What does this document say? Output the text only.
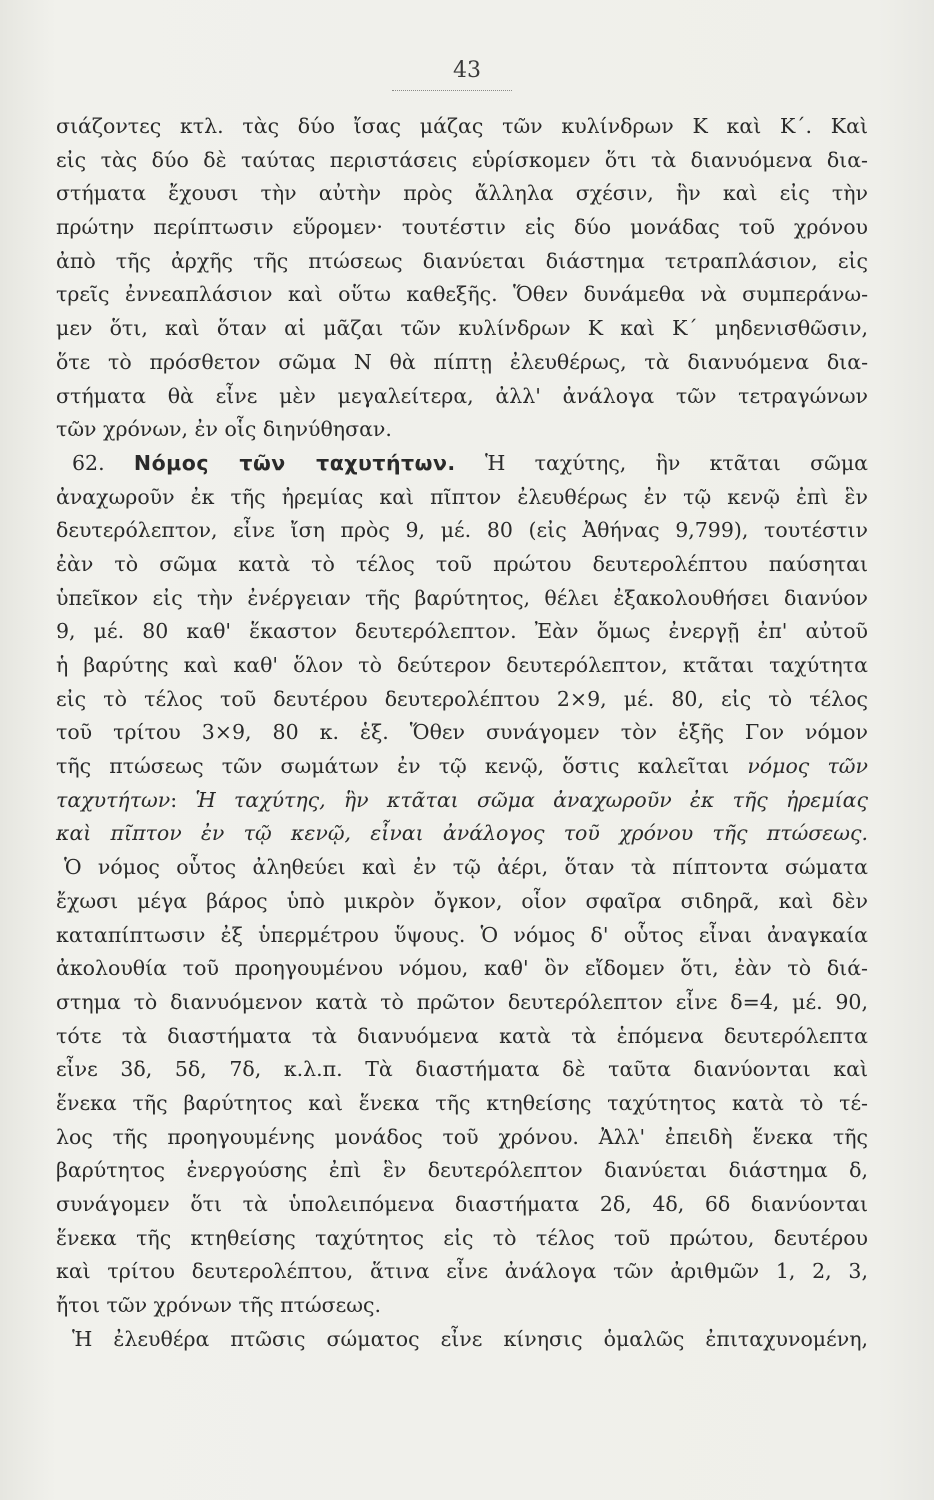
43
σιάζοντες κτλ. τὰς δύο ἴσας μάζας τῶν κυλίνδρων Κ καὶ Κ΄. Καὶ
εἰς τὰς δύο δὲ ταύτας περιστάσεις εὑρίσκομεν ὅτι τὰ διανυόμενα δια-
στήματα ἔχουσι τὴν αὐτὴν πρὸς ἄλληλα σχέσιν, ἣν καὶ εἰς τὴν
πρώτην περίπτωσιν εὕρομεν· τουτέστιν εἰς δύο μονάδας τοῦ χρόνου
ἀπὸ τῆς ἀρχῆς τῆς πτώσεως διανύεται διάστημα τετραπλάσιον, εἰς
τρεῖς ἐννεαπλάσιον καὶ οὕτω καθεξῆς. Ὅθεν δυνάμεθα νὰ συμπεράνω-
μεν ὅτι, καὶ ὅταν αἱ μᾶζαι τῶν κυλίνδρων Κ καὶ Κ΄ μηδενισθῶσιν,
ὅτε τὸ πρόσθετον σῶμα Ν θὰ πίπτῃ ἐλευθέρως, τὰ διανυόμενα δια-
στήματα θὰ εἶνε μὲν μεγαλείτερα, ἀλλ' ἀνάλογα τῶν τετραγώνων
τῶν χρόνων, ἐν οἷς διηνύθησαν.
62. Νόμος τῶν ταχυτήτων. Ἡ ταχύτης, ἣν κτᾶται σῶμα
ἀναχωροῦν ἐκ τῆς ἠρεμίας καὶ πῖπτον ἐλευθέρως ἐν τῷ κενῷ ἐπὶ ἓν
δευτερόλεπτον, εἶνε ἴση πρὸς 9, μέ. 80 (εἰς Ἀθήνας 9,799), τουτέστιν
ἐὰν τὸ σῶμα κατὰ τὸ τέλος τοῦ πρώτου δευτερολέπτου παύσηται
ὑπεῖκον εἰς τὴν ἐνέργειαν τῆς βαρύτητος, θέλει ἐξακολουθήσει διανύον
9, μέ. 80 καθ' ἕκαστον δευτερόλεπτον. Ἐὰν ὅμως ἐνεργῇ ἐπ' αὐτοῦ
ἡ βαρύτης καὶ καθ' ὅλον τὸ δεύτερον δευτερόλεπτον, κτᾶται ταχύτητα
εἰς τὸ τέλος τοῦ δευτέρου δευτερολέπτου 2×9, μέ. 80, εἰς τὸ τέλος
τοῦ τρίτου 3×9, 80 κ. ἑξ. Ὅθεν συνάγομεν τὸν ἑξῆς Γον νόμον
τῆς πτώσεως τῶν σωμάτων ἐν τῷ κενῷ, ὅστις καλεῖται νόμος τῶν
ταχυτήτων: Ἡ ταχύτης, ἣν κτᾶται σῶμα ἀναχωροῦν ἐκ τῆς ἠρεμίας
καὶ πῖπτον ἐν τῷ κενῷ, εἶναι ἀνάλογος τοῦ χρόνου τῆς πτώσεως.
Ὁ νόμος οὗτος ἀληθεύει καὶ ἐν τῷ ἀέρι, ὅταν τὰ πίπτοντα σώματα
ἔχωσι μέγα βάρος ὑπὸ μικρὸν ὄγκον, οἷον σφαῖρα σιδηρᾶ, καὶ δὲν
καταπίπτωσιν ἐξ ὑπερμέτρου ὕψους. Ὁ νόμος δ' οὗτος εἶναι ἀναγκαία
ἀκολουθία τοῦ προηγουμένου νόμου, καθ' ὃν εἴδομεν ὅτι, ἐὰν τὸ διά-
στημα τὸ διανυόμενον κατὰ τὸ πρῶτον δευτερόλεπτον εἶνε δ=4, μέ. 90,
τότε τὰ διαστήματα τὰ διανυόμενα κατὰ τὰ ἑπόμενα δευτερόλεπτα
εἶνε 3δ, 5δ, 7δ, κ.λ.π. Τὰ διαστήματα δὲ ταῦτα διανύονται καὶ
ἕνεκα τῆς βαρύτητος καὶ ἕνεκα τῆς κτηθείσης ταχύτητος κατὰ τὸ τέ-
λος τῆς προηγουμένης μονάδος τοῦ χρόνου. Ἀλλ' ἐπειδὴ ἕνεκα τῆς
βαρύτητος ἐνεργούσης ἐπὶ ἓν δευτερόλεπτον διανύεται διάστημα δ,
συνάγομεν ὅτι τὰ ὑπολειπόμενα διαστήματα 2δ, 4δ, 6δ διανύονται
ἕνεκα τῆς κτηθείσης ταχύτητος εἰς τὸ τέλος τοῦ πρώτου, δευτέρου
καὶ τρίτου δευτερολέπτου, ἅτινα εἶνε ἀνάλογα τῶν ἀριθμῶν 1, 2, 3,
ἤτοι τῶν χρόνων τῆς πτώσεως.
Ἡ ἐλευθέρα πτῶσις σώματος εἶνε κίνησις ὁμαλῶς ἐπιταχυνομένη,
